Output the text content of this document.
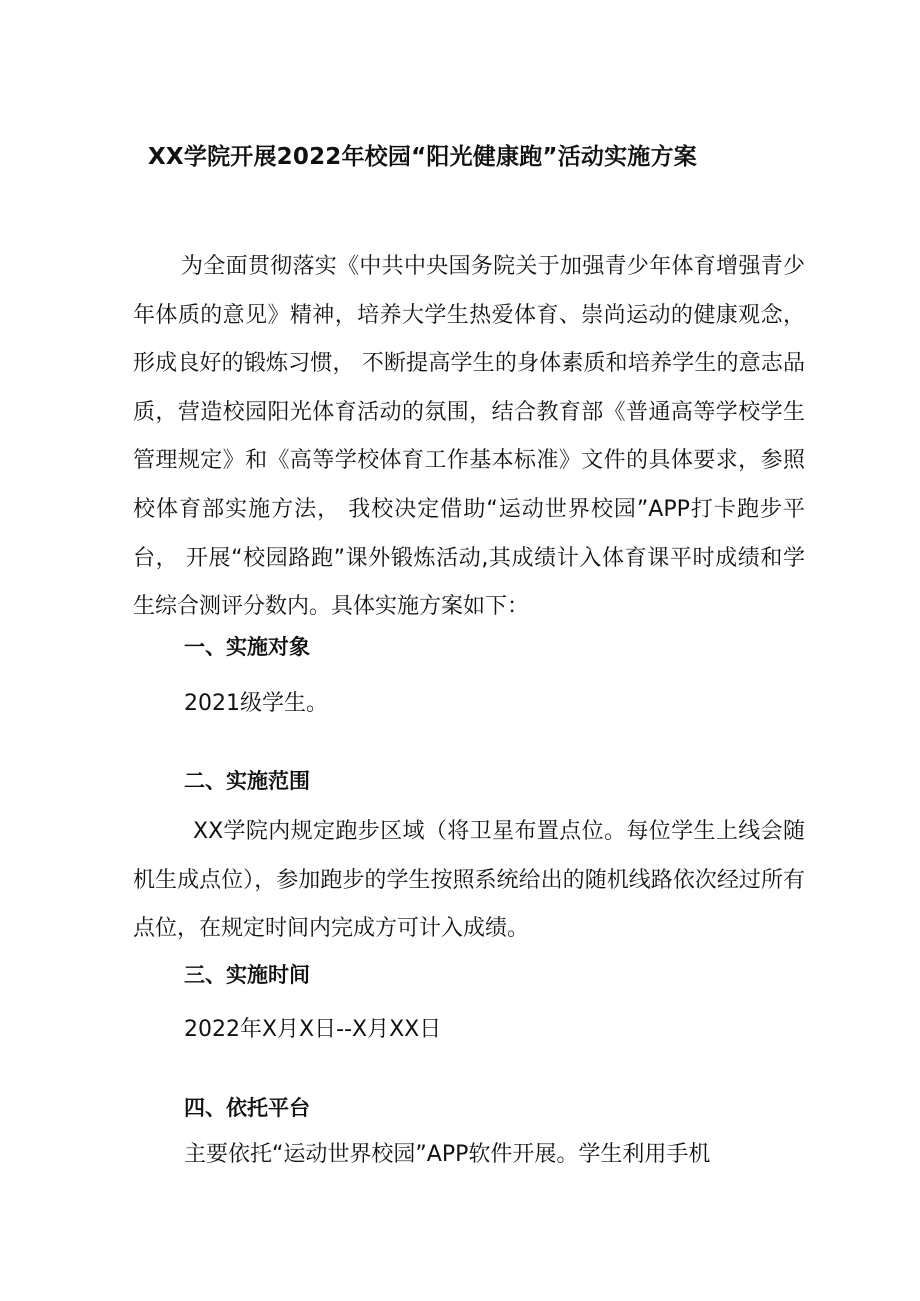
XX学院开展2022年校园“阳光健康跑”活动实施方案
为全面贯彻落实《中共中央国务院关于加强青少年体育增强青少年体质的意见》精神，培养大学生热爱体育、崇尚运动的健康观念，形成良好的锻炼习惯， 不断提高学生的身体素质和培养学生的意志品质，营造校园阳光体育活动的氛围，结合教育部《普通高等学校学生管理规定》和《高等学校体育工作基本标准》文件的具体要求，参照校体育部实施方法， 我校决定借助“运动世界校园”APP打卡跑步平台， 开展“校园路跑”课外锻炼活动,其成绩计入体育课平时成绩和学生综合测评分数内。具体实施方案如下：
一、实施对象
2021级学生。
二、实施范围
XX学院内规定跑步区域（将卫星布置点位。每位学生上线会随机生成点位），参加跑步的学生按照系统给出的随机线路依次经过所有点位，在规定时间内完成方可计入成绩。
三、实施时间
2022年X月X日--X月XX日
四、依托平台
主要依托“运动世界校园”APP软件开展。学生利用手机
